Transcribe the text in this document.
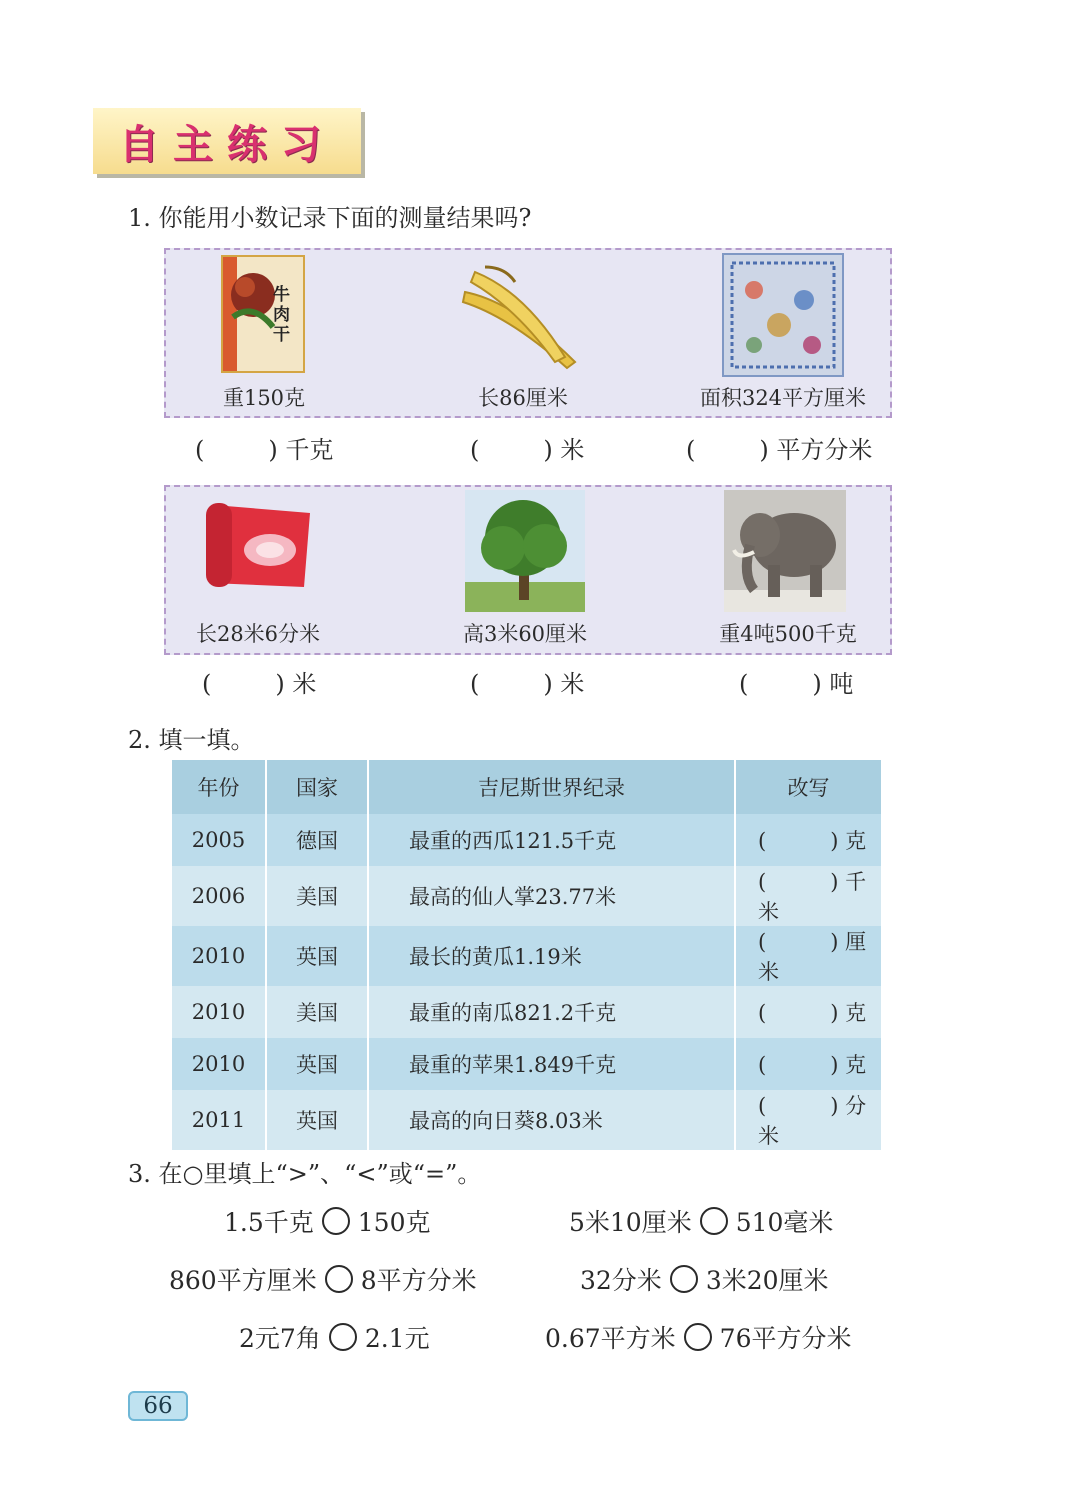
自主练习
1. 你能用小数记录下面的测量结果吗?
牛肉干
重150克	长86厘米	面积324平方厘米
(	) 千克	(	) 米	(	) 平方分米
长28米6分米	高3米60厘米	重4吨500千克
(	) 米	(	) 米	(	) 吨
2. 填一填。
年份	国家	吉尼斯世界纪录	改写
2005	德国	最重的西瓜121.5千克	( ) 克
2006	美国	最高的仙人掌23.77米	( ) 千米
2010	英国	最长的黄瓜1.19米	( ) 厘米
2010	美国	最重的南瓜821.2千克	( ) 克
2010	英国	最重的苹果1.849千克	( ) 克
2011	英国	最高的向日葵8.03米	( ) 分米
3. 在○里填上“>”、“<”或“=”。
1.5千克 150克	5米10厘米 510毫米
860平方厘米 8平方分米	32分米 3米20厘米
2元7角 2.1元	0.67平方米 76平方分米
66
